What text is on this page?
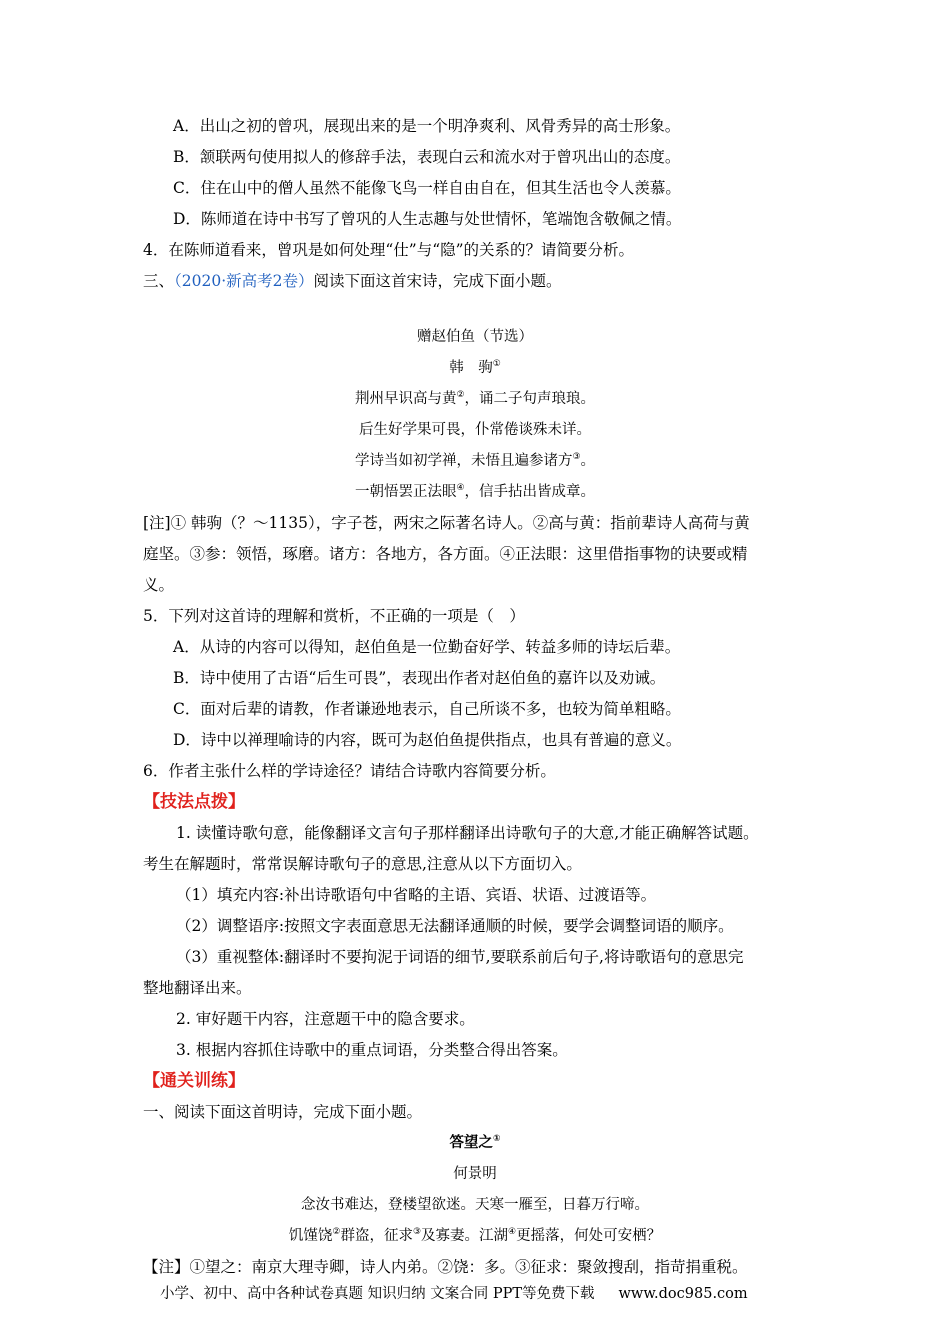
A．出山之初的曾巩，展现出来的是一个明净爽利、风骨秀异的高士形象。
B．颔联两句使用拟人的修辞手法，表现白云和流水对于曾巩出山的态度。
C．住在山中的僧人虽然不能像飞鸟一样自由自在，但其生活也令人羡慕。
D．陈师道在诗中书写了曾巩的人生志趣与处世情怀，笔端饱含敬佩之情。
4．在陈师道看来，曾巩是如何处理“仕”与“隐”的关系的？请简要分析。
三、（2020·新高考2卷）阅读下面这首宋诗，完成下面小题。
赠赵伯鱼（节选）
韩　驹①
荆州早识高与黄②，诵二子句声琅琅。
后生好学果可畏，仆常倦谈殊未详。
学诗当如初学禅，未悟且遍参诸方③。
一朝悟罢正法眼④，信手拈出皆成章。
[注]① 韩驹（？～1135），字子苍，两宋之际著名诗人。②高与黄：指前辈诗人高荷与黄
庭坚。③参：领悟，琢磨。诸方：各地方，各方面。④正法眼：这里借指事物的诀要或精
义。
5．下列对这首诗的理解和赏析，不正确的一项是（　）
A．从诗的内容可以得知，赵伯鱼是一位勤奋好学、转益多师的诗坛后辈。
B．诗中使用了古语“后生可畏”，表现出作者对赵伯鱼的嘉许以及劝诫。
C．面对后辈的请教，作者谦逊地表示，自己所谈不多，也较为简单粗略。
D．诗中以禅理喻诗的内容，既可为赵伯鱼提供指点，也具有普遍的意义。
6．作者主张什么样的学诗途径？请结合诗歌内容简要分析。
【技法点拨】
1. 读懂诗歌句意，能像翻译文言句子那样翻译出诗歌句子的大意,才能正确解答试题。
考生在解题时，常常误解诗歌句子的意思,注意从以下方面切入。
（1）填充内容:补出诗歌语句中省略的主语、宾语、状语、过渡语等。
（2）调整语序:按照文字表面意思无法翻译通顺的时候，要学会调整词语的顺序。
（3）重视整体:翻译时不要拘泥于词语的细节,要联系前后句子,将诗歌语句的意思完
整地翻译出来。
2. 审好题干内容，注意题干中的隐含要求。
3. 根据内容抓住诗歌中的重点词语，分类整合得出答案。
【通关训练】
一、阅读下面这首明诗，完成下面小题。
答望之①
何景明
念汝书难达，登楼望欲迷。天寒一雁至，日暮万行啼。
饥馑饶②群盗，征求③及寡妻。江湖④更摇落，何处可安栖？
【注】①望之：南京大理寺卿，诗人内弟。②饶：多。③征求：聚敛搜刮，指苛捐重税。
小学、初中、高中各种试卷真题 知识归纳 文案合同 PPT等免费下载 www.doc985.com
